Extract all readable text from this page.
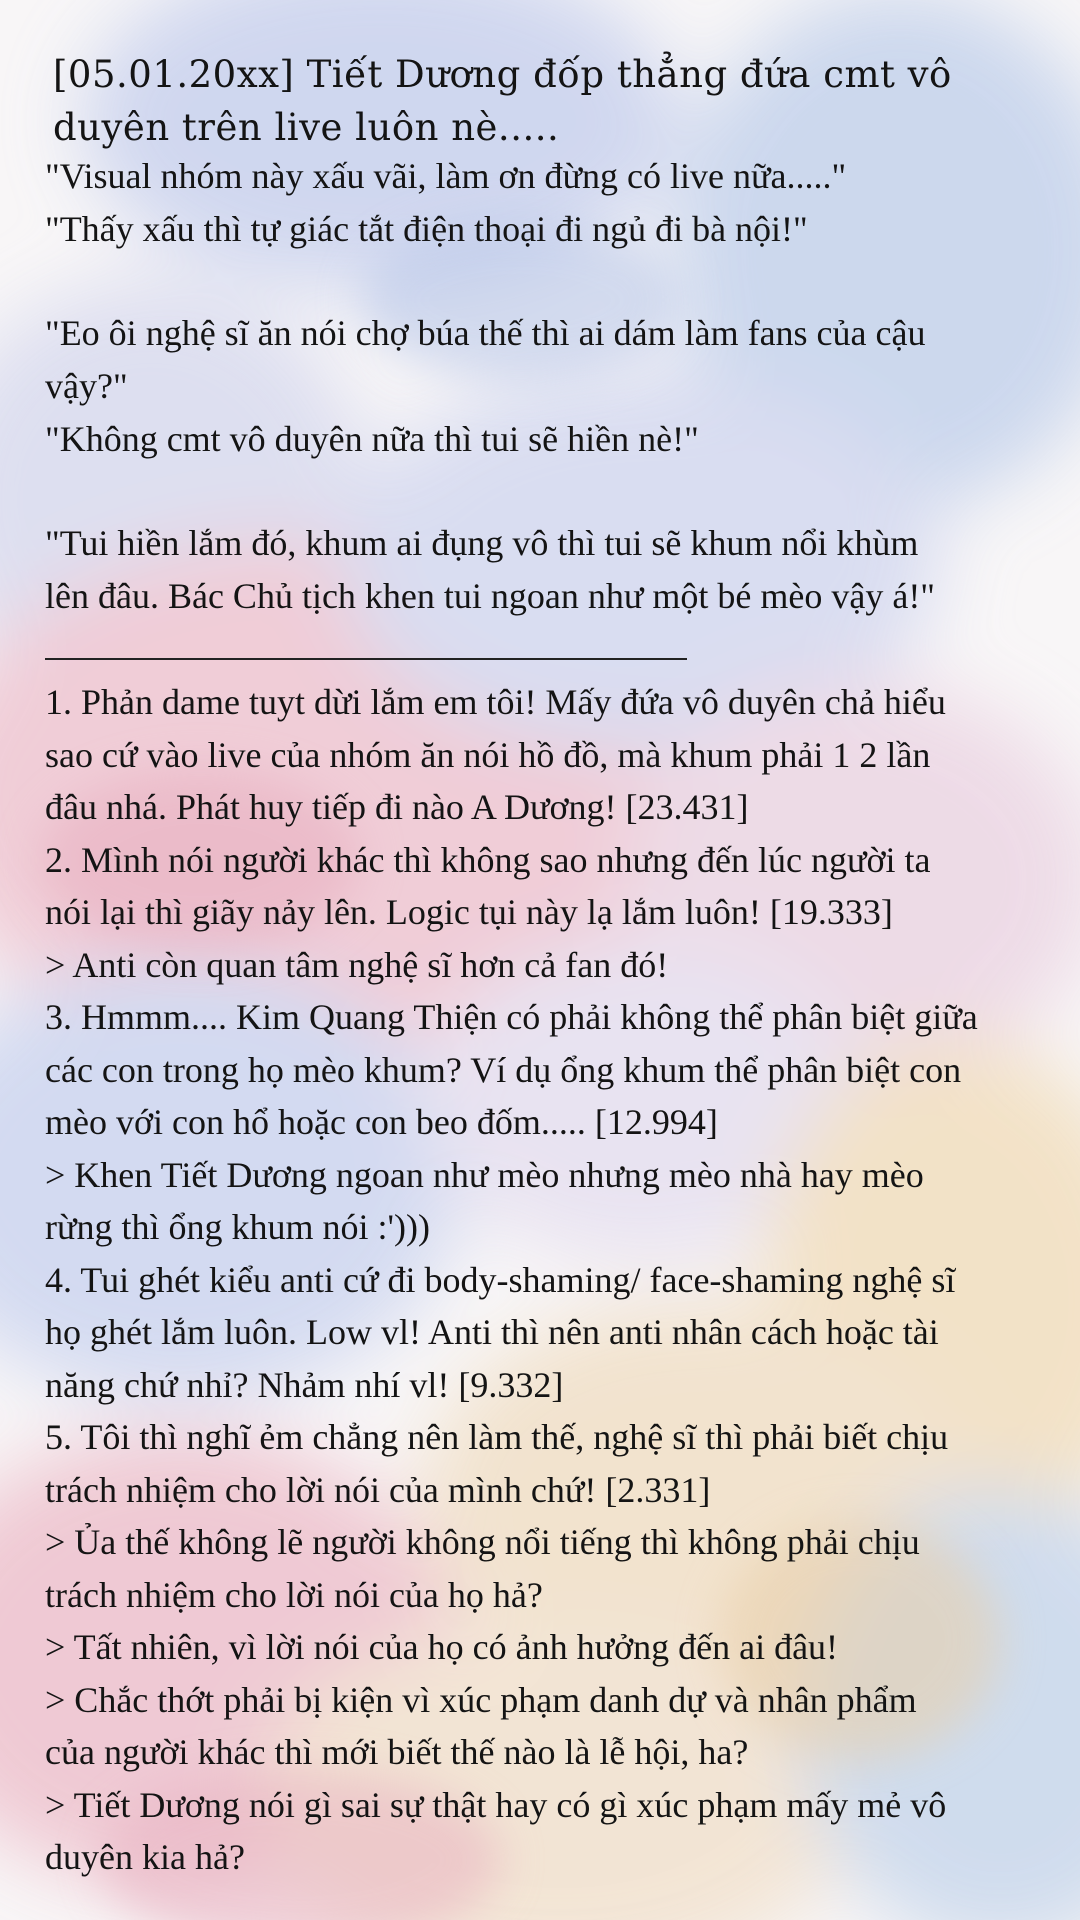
[05.01.20xx] Tiết Dương đốp thẳng đứa cmt vô
duyên trên live luôn nè.....
"Visual nhóm này xấu vãi, làm ơn đừng có live nữa....."
"Thấy xấu thì tự giác tắt điện thoại đi ngủ đi bà nội!"
"Eo ôi nghệ sĩ ăn nói chợ búa thế thì ai dám làm fans của cậu
vậy?"
"Không cmt vô duyên nữa thì tui sẽ hiền nè!"
"Tui hiền lắm đó, khum ai đụng vô thì tui sẽ khum nổi khùm
lên đâu. Bác Chủ tịch khen tui ngoan như một bé mèo vậy á!"
1. Phản dame tuyt dừi lắm em tôi! Mấy đứa vô duyên chả hiểu
sao cứ vào live của nhóm ăn nói hồ đồ, mà khum phải 1 2 lần
đâu nhá. Phát huy tiếp đi nào A Dương! [23.431]
2. Mình nói người khác thì không sao nhưng đến lúc người ta
nói lại thì giãy nảy lên. Logic tụi này lạ lắm luôn! [19.333]
> Anti còn quan tâm nghệ sĩ hơn cả fan đó!
3. Hmmm.... Kim Quang Thiện có phải không thể phân biệt giữa
các con trong họ mèo khum? Ví dụ ổng khum thể phân biệt con
mèo với con hổ hoặc con beo đốm..... [12.994]
> Khen Tiết Dương ngoan như mèo nhưng mèo nhà hay mèo
rừng thì ổng khum nói :')))
4. Tui ghét kiểu anti cứ đi body-shaming/ face-shaming nghệ sĩ
họ ghét lắm luôn. Low vl! Anti thì nên anti nhân cách hoặc tài
năng chứ nhỉ? Nhảm nhí vl! [9.332]
5. Tôi thì nghĩ ẻm chẳng nên làm thế, nghệ sĩ thì phải biết chịu
trách nhiệm cho lời nói của mình chứ! [2.331]
> Ủa thế không lẽ người không nổi tiếng thì không phải chịu
trách nhiệm cho lời nói của họ hả?
> Tất nhiên, vì lời nói của họ có ảnh hưởng đến ai đâu!
> Chắc thớt phải bị kiện vì xúc phạm danh dự và nhân phẩm
của người khác thì mới biết thế nào là lễ hội, ha?
> Tiết Dương nói gì sai sự thật hay có gì xúc phạm mấy mẻ vô
duyên kia hả?
